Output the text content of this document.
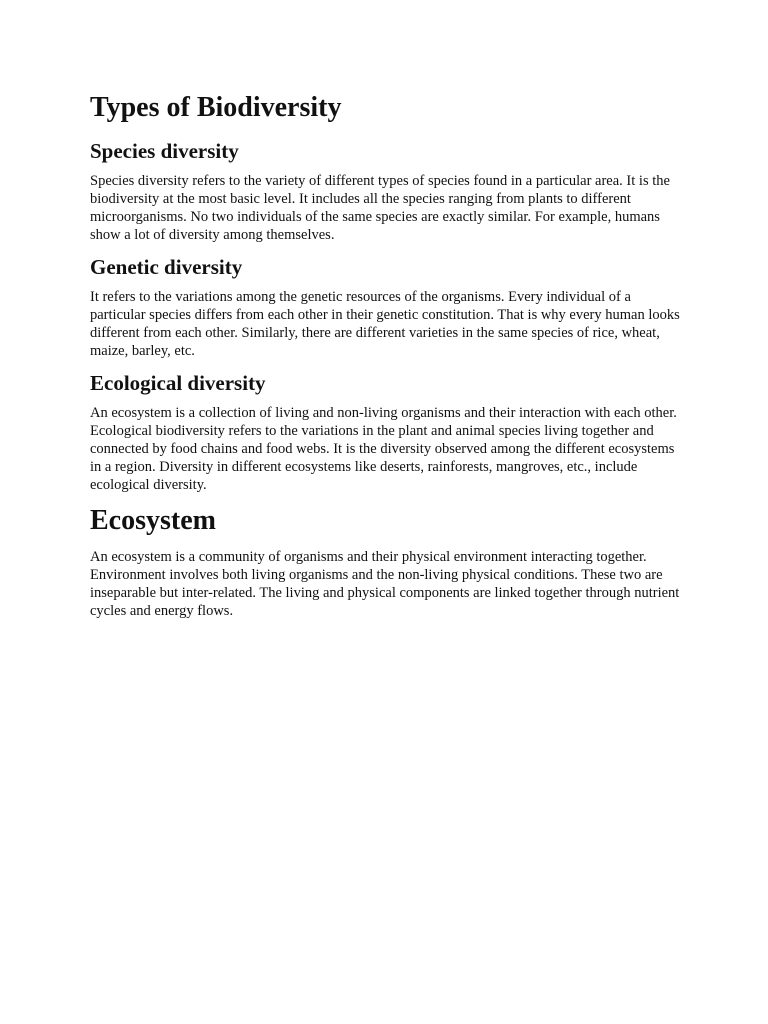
Types of Biodiversity
Species diversity

Species diversity refers to the variety of different types of species found in a particular area. It is the biodiversity at the most basic level. It includes all the species ranging from plants to different microorganisms. No two individuals of the same species are exactly similar. For example, humans show a lot of diversity among themselves.

Genetic diversity

It refers to the variations among the genetic resources of the organisms. Every individual of a particular species differs from each other in their genetic constitution. That is why every human looks different from each other. Similarly, there are different varieties in the same species of rice, wheat, maize, barley, etc.

Ecological diversity

An ecosystem is a collection of living and non-living organisms and their interaction with each other. Ecological biodiversity refers to the variations in the plant and animal species living together and connected by food chains and food webs. It is the diversity observed among the different ecosystems in a region. Diversity in different ecosystems like deserts, rainforests, mangroves, etc., include ecological diversity.

Ecosystem

An ecosystem is a community of organisms and their physical environment interacting together. Environment involves both living organisms and the non-living physical conditions. These two are inseparable but inter-related. The living and physical components are linked together through nutrient cycles and energy flows.
